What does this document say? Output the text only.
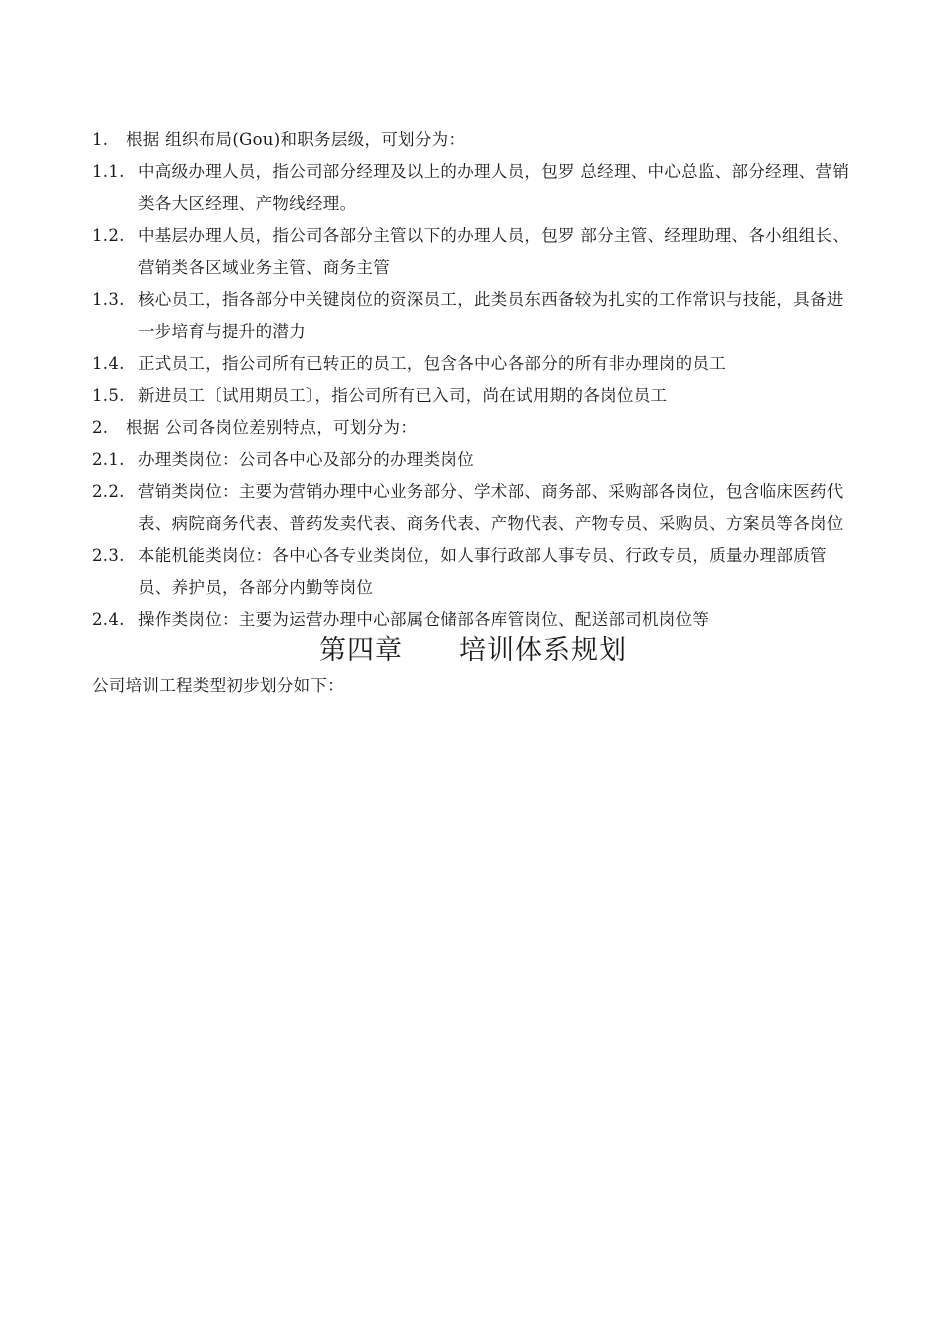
1. 根据 组织布局(Gou)和职务层级，可划分为：
1.1. 中高级办理人员，指公司部分经理及以上的办理人员，包罗 总经理、中心总监、部分经理、营销类各大区经理、产物线经理。
1.2. 中基层办理人员，指公司各部分主管以下的办理人员，包罗 部分主管、经理助理、各小组组长、营销类各区域业务主管、商务主管
1.3. 核心员工，指各部分中关键岗位的资深员工，此类员东西备较为扎实的工作常识与技能，具备进一步培育与提升的潜力
1.4. 正式员工，指公司所有已转正的员工，包含各中心各部分的所有非办理岗的员工
1.5. 新进员工〔试用期员工〕，指公司所有已入司，尚在试用期的各岗位员工
2. 根据 公司各岗位差别特点，可划分为：
2.1. 办理类岗位：公司各中心及部分的办理类岗位
2.2. 营销类岗位：主要为营销办理中心业务部分、学术部、商务部、采购部各岗位，包含临床医药代表、病院商务代表、普药发卖代表、商务代表、产物代表、产物专员、采购员、方案员等各岗位
2.3. 本能机能类岗位：各中心各专业类岗位，如人事行政部人事专员、行政专员，质量办理部质管员、养护员，各部分内勤等岗位
2.4. 操作类岗位：主要为运营办理中心部属仓储部各库管岗位、配送部司机岗位等
第四章　　培训体系规划
公司培训工程类型初步划分如下：
